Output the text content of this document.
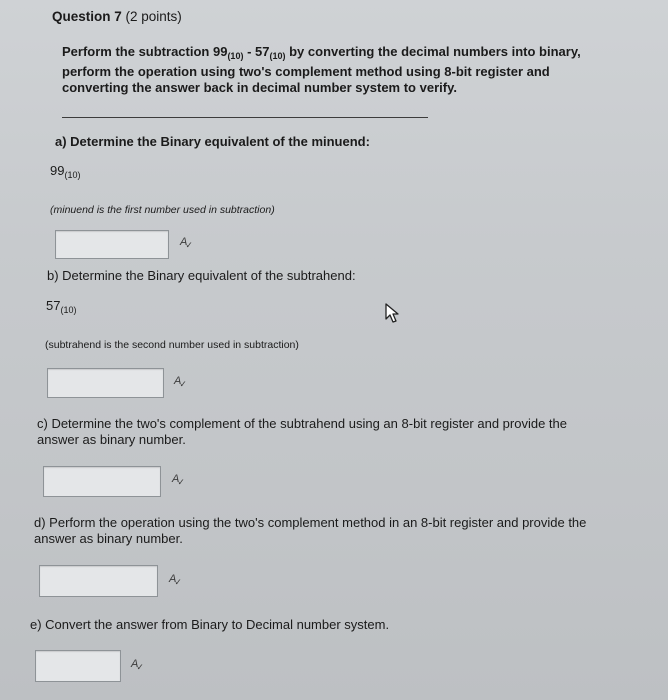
Question 7 (2 points)
Perform the subtraction $99_{(10)} - 57_{(10)}$ by converting the decimal numbers into binary, perform the operation using two's complement method using 8-bit register and converting the answer back in decimal number system to verify.
a) Determine the Binary equivalent of the minuend:
$99_{(10)}$
(minuend is the first number used in subtraction)
$A_✓$
b) Determine the Binary equivalent of the subtrahend:
$57_{(10)}$
(subtrahend is the second number used in subtraction)
$A_✓$
c) Determine the two's complement of the subtrahend using an 8-bit register and provide the answer as binary number.
$A_✓$
d) Perform the operation using the two's complement method in an 8-bit register and provide the answer as binary number.
$A_✓$
e) Convert the answer from Binary to Decimal number system.
$A_✓$
